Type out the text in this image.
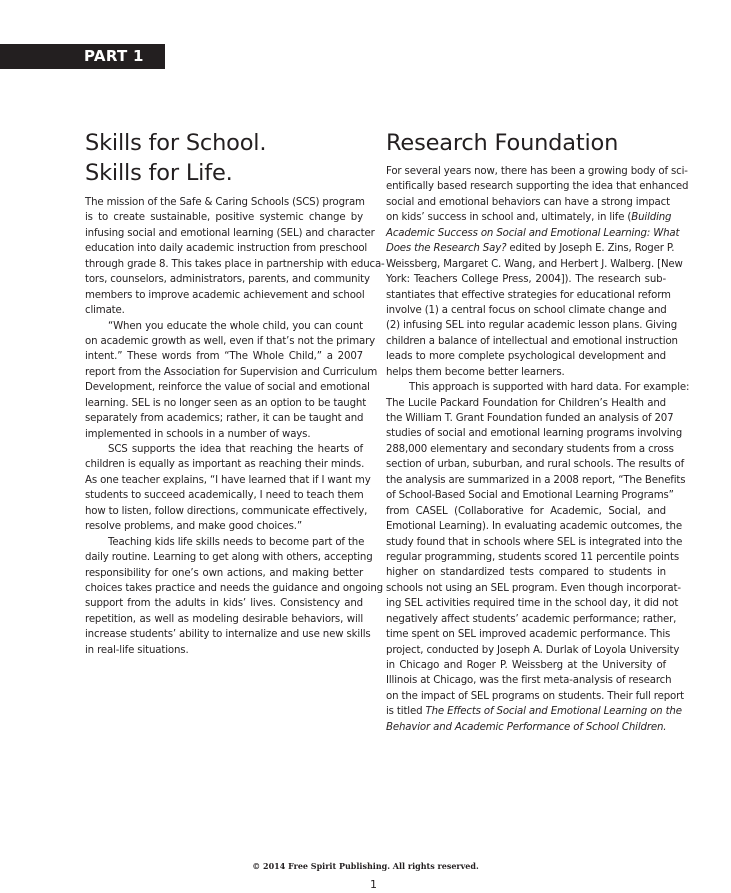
PART 1
Skills for School.
Skills for Life.
The mission of the Safe & Caring Schools (SCS) program
is to create sustainable, positive systemic change by
infusing social and emotional learning (SEL) and character
education into daily academic instruction from preschool
through grade 8. This takes place in partnership with educa-
tors, counselors, administrators, parents, and community
members to improve academic achievement and school
climate.
“When you educate the whole child, you can count
on academic growth as well, even if that’s not the primary
intent.” These words from “The Whole Child,” a 2007
report from the Association for Supervision and Curriculum
Development, reinforce the value of social and emotional
learning. SEL is no longer seen as an option to be taught
separately from academics; rather, it can be taught and
implemented in schools in a number of ways.
SCS supports the idea that reaching the hearts of
children is equally as important as reaching their minds.
As one teacher explains, “I have learned that if I want my
students to succeed academically, I need to teach them
how to listen, follow directions, communicate effectively,
resolve problems, and make good choices.”
Teaching kids life skills needs to become part of the
daily routine. Learning to get along with others, accepting
responsibility for one’s own actions, and making better
choices takes practice and needs the guidance and ongoing
support from the adults in kids’ lives. Consistency and
repetition, as well as modeling desirable behaviors, will
increase students’ ability to internalize and use new skills
in real-life situations.
Research Foundation
For several years now, there has been a growing body of sci-
entifically based research supporting the idea that enhanced
social and emotional behaviors can have a strong impact
on kids’ success in school and, ultimately, in life (Building
Academic Success on Social and Emotional Learning: What
Does the Research Say? edited by Joseph E. Zins, Roger P.
Weissberg, Margaret C. Wang, and Herbert J. Walberg. [New
York: Teachers College Press, 2004]). The research sub-
stantiates that effective strategies for educational reform
involve (1) a central focus on school climate change and
(2) infusing SEL into regular academic lesson plans. Giving
children a balance of intellectual and emotional instruction
leads to more complete psychological development and
helps them become better learners.
This approach is supported with hard data. For example:
The Lucile Packard Foundation for Children’s Health and
the William T. Grant Foundation funded an analysis of 207
studies of social and emotional learning programs involving
288,000 elementary and secondary students from a cross
section of urban, suburban, and rural schools. The results of
the analysis are summarized in a 2008 report, “The Benefits
of School-Based Social and Emotional Learning Programs”
from CASEL (Collaborative for Academic, Social, and
Emotional Learning). In evaluating academic outcomes, the
study found that in schools where SEL is integrated into the
regular programming, students scored 11 percentile points
higher on standardized tests compared to students in
schools not using an SEL program. Even though incorporat-
ing SEL activities required time in the school day, it did not
negatively affect students’ academic performance; rather,
time spent on SEL improved academic performance. This
project, conducted by Joseph A. Durlak of Loyola University
in Chicago and Roger P. Weissberg at the University of
Illinois at Chicago, was the first meta-analysis of research
on the impact of SEL programs on students. Their full report
is titled The Effects of Social and Emotional Learning on the
Behavior and Academic Performance of School Children.
© 2014 Free Spirit Publishing. All rights reserved.
1
